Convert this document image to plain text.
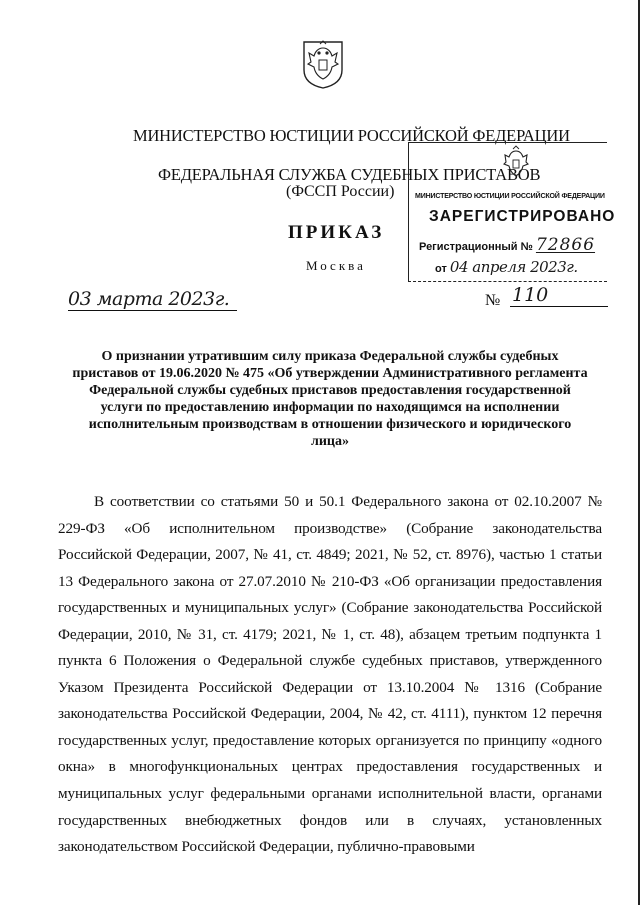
МИНИСТЕРСТВО ЮСТИЦИИ РОССИЙСКОЙ ФЕДЕРАЦИИ
ФЕДЕРАЛЬНАЯ СЛУЖБА СУДЕБНЫХ ПРИСТАВОВ
(ФССП России)	МИНИСТЕРСТВО ЮСТИЦИИ РОССИЙСКОЙ ФЕДЕРАЦИИ
ЗАРЕГИСТРИРОВАНО
Регистрационный № 72866
от 04 апреля 2023г.
ПРИКАЗ
Москва
03 марта 2023г.	№ 110
О признании утратившим силу приказа Федеральной службы судебных приставов от 19.06.2020 № 475 «Об утверждении Административного регламента Федеральной службы судебных приставов предоставления государственной услуги по предоставлению информации по находящимся на исполнении исполнительным производствам в отношении физического и юридического лица»
В соответствии со статьями 50 и 50.1 Федерального закона от 02.10.2007 № 229-ФЗ «Об исполнительном производстве» (Собрание законодательства Российской Федерации, 2007, № 41, ст. 4849; 2021, № 52, ст. 8976), частью 1 статьи 13 Федерального закона от 27.07.2010 № 210-ФЗ «Об организации предоставления государственных и муниципальных услуг» (Собрание законодательства Российской Федерации, 2010, № 31, ст. 4179; 2021, № 1, ст. 48), абзацем третьим подпункта 1 пункта 6 Положения о Федеральной службе судебных приставов, утвержденного Указом Президента Российской Федерации от 13.10.2004 № 1316 (Собрание законодательства Российской Федерации, 2004, № 42, ст. 4111), пунктом 12 перечня государственных услуг, предоставление которых организуется по принципу «одного окна» в многофункциональных центрах предоставления государственных и муниципальных услуг федеральными органами исполнительной власти, органами государственных внебюджетных фондов или в случаях, установленных законодательством Российской Федерации, публично-правовыми
